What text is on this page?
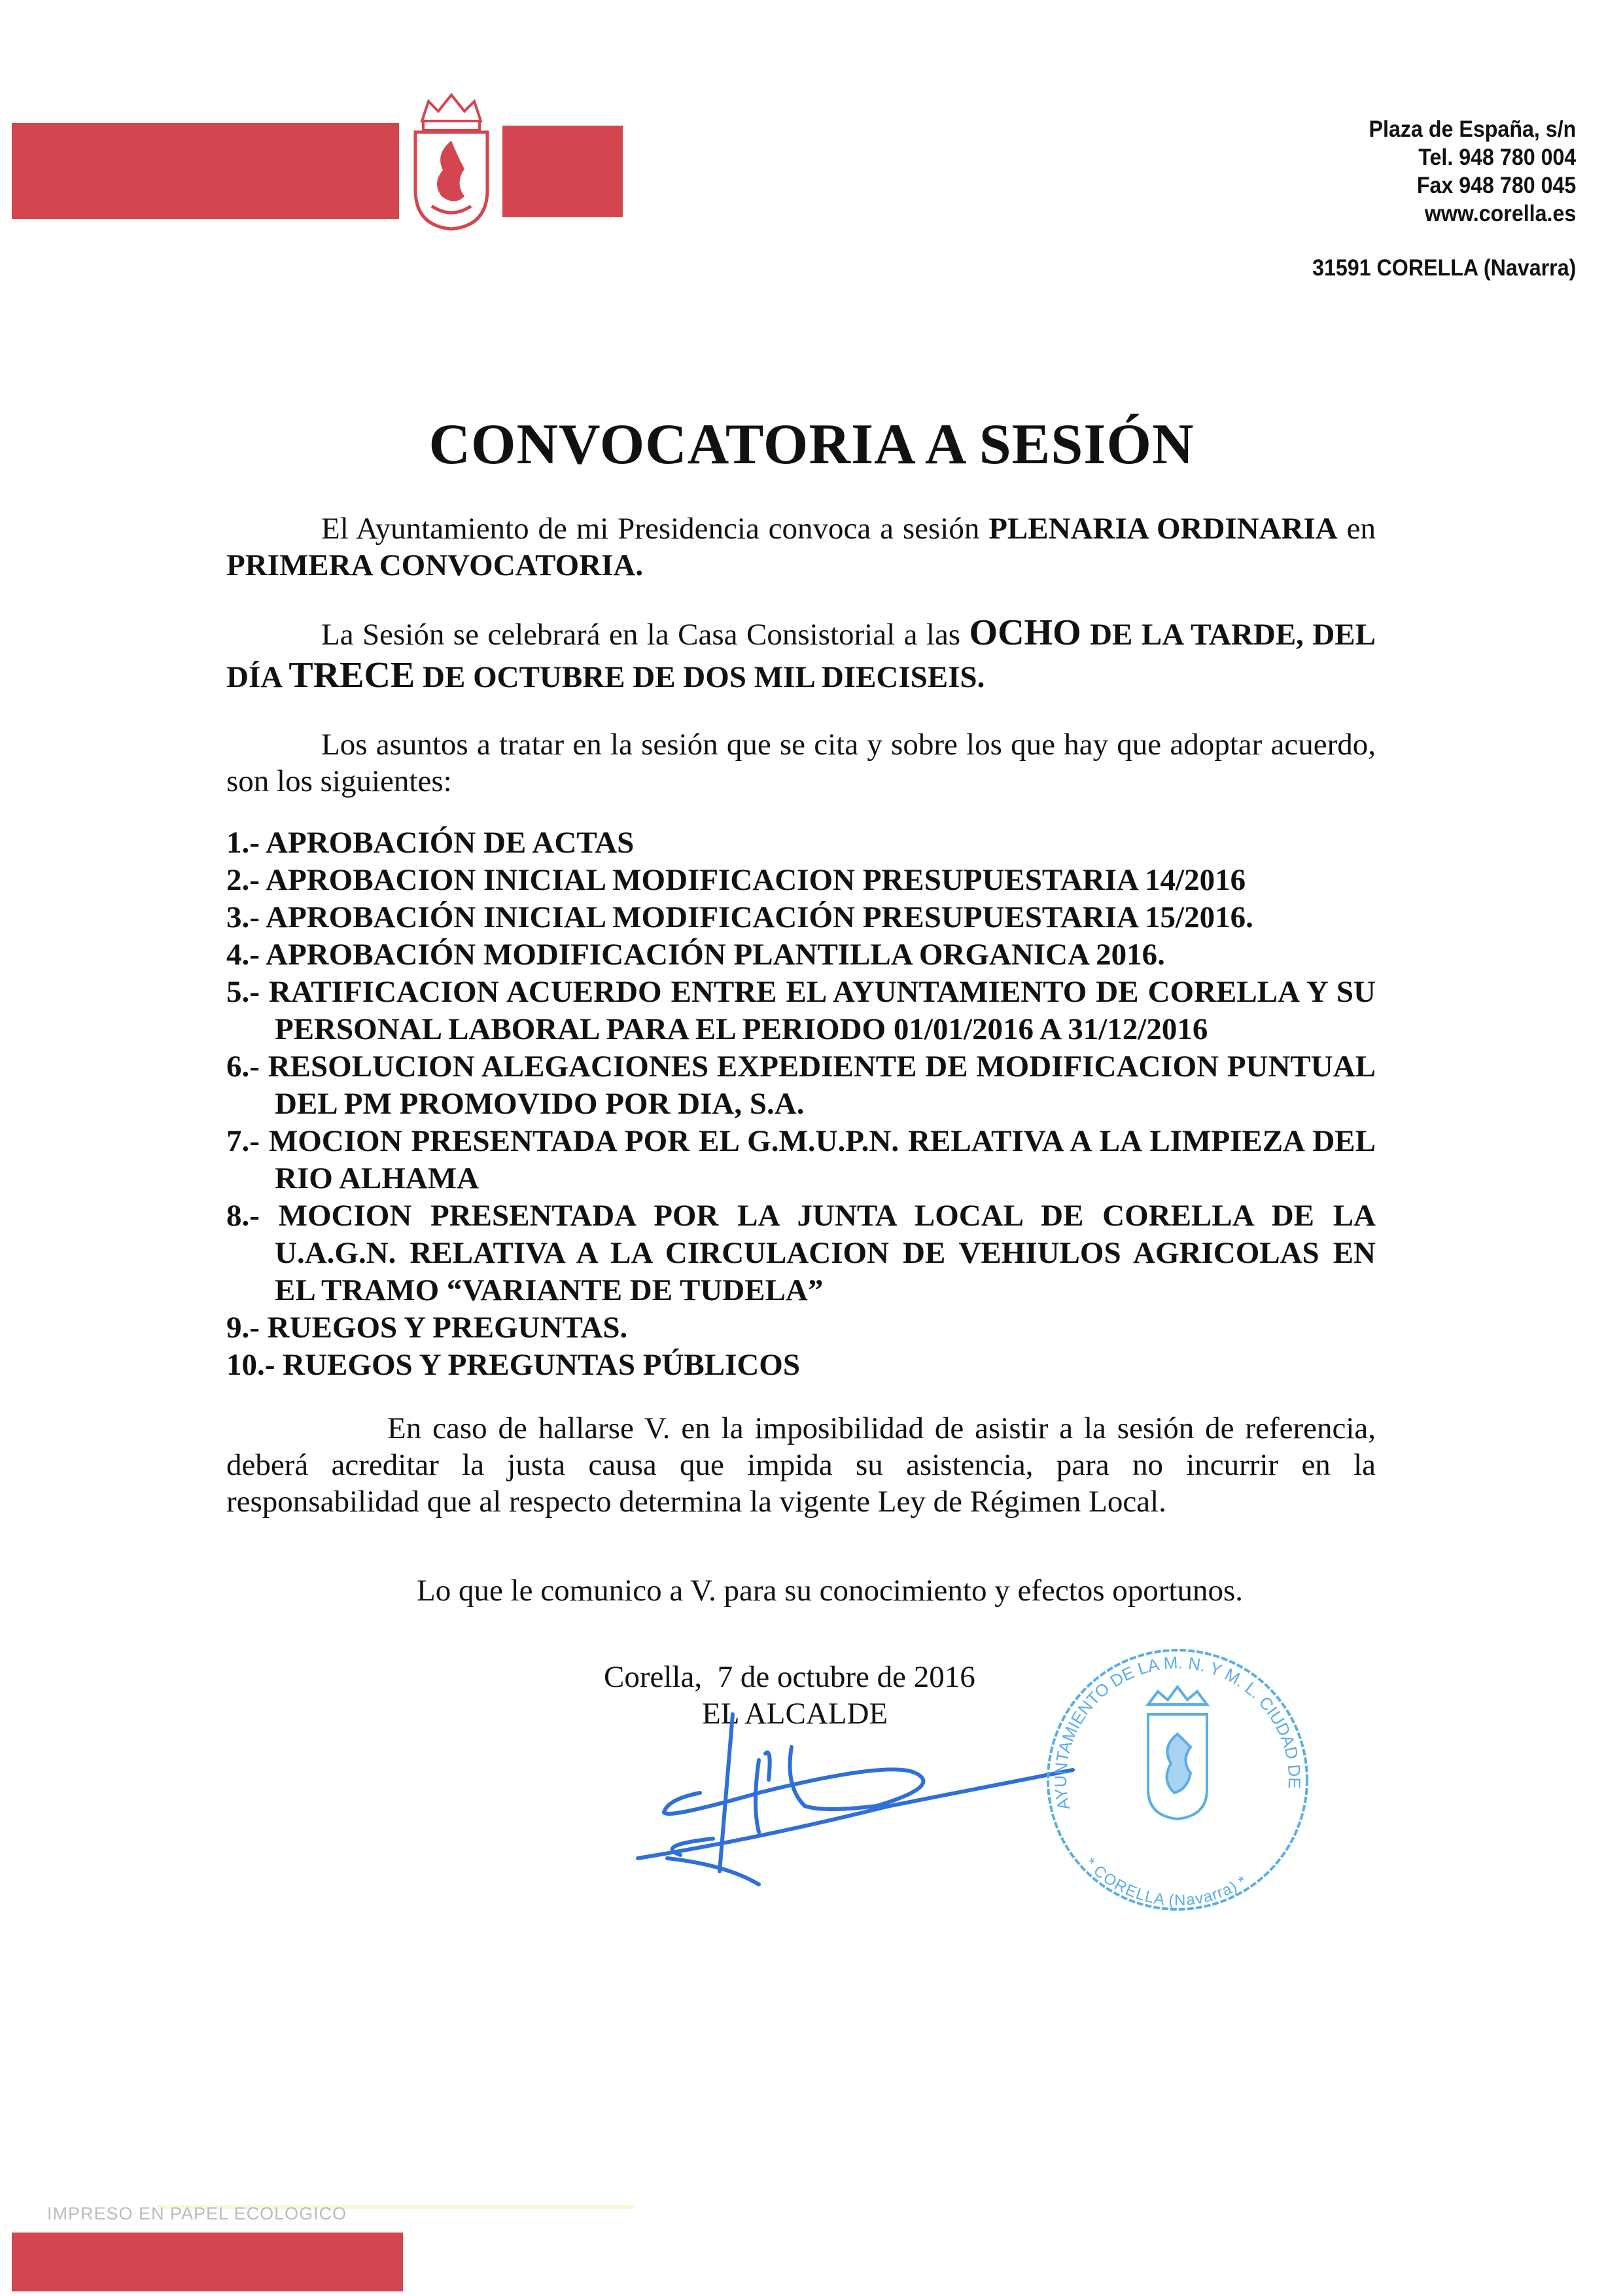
AYUNTAMIENTO

DE    CORELLA

Plaza de España, s/n
Tel. 948 780 004
Fax 948 780 045
www.corella.es
31591 CORELLA (Navarra)
CONVOCATORIA A SESIÓN

El Ayuntamiento de mi Presidencia convoca a sesión PLENARIA ORDINARIA en PRIMERA CONVOCATORIA.

La Sesión se celebrará en la Casa Consistorial a las OCHO DE LA TARDE, DEL DÍA TRECE DE OCTUBRE DE DOS MIL DIECISEIS.

Los asuntos a tratar en la sesión que se cita y sobre los que hay que adoptar acuerdo, son los siguientes:

1.- APROBACIÓN DE ACTAS
2.- APROBACION INICIAL MODIFICACION PRESUPUESTARIA 14/2016
3.- APROBACIÓN INICIAL MODIFICACIÓN PRESUPUESTARIA 15/2016.
4.- APROBACIÓN MODIFICACIÓN PLANTILLA ORGANICA 2016.
5.- RATIFICACION ACUERDO ENTRE EL AYUNTAMIENTO DE CORELLA Y SU PERSONAL LABORAL PARA EL PERIODO 01/01/2016 A 31/12/2016
6.- RESOLUCION ALEGACIONES EXPEDIENTE DE MODIFICACION PUNTUAL DEL PM PROMOVIDO POR DIA, S.A.
7.- MOCION PRESENTADA POR EL G.M.U.P.N. RELATIVA A LA LIMPIEZA DEL RIO ALHAMA
8.- MOCION PRESENTADA POR LA JUNTA LOCAL DE CORELLA DE LA U.A.G.N. RELATIVA A LA CIRCULACION DE VEHIULOS AGRICOLAS EN EL TRAMO “VARIANTE DE TUDELA”
9.- RUEGOS Y PREGUNTAS.
10.- RUEGOS Y PREGUNTAS PÚBLICOS

En caso de hallarse V. en la imposibilidad de asistir a la sesión de referencia, deberá acreditar la justa causa que impida su asistencia, para no incurrir en la responsabilidad que al respecto determina la vigente Ley de Régimen Local.

Lo que le comunico a V. para su conocimiento y efectos oportunos.
Corella,  7 de octubre de 2016
EL ALCALDE
AYUNTAMIENTO DE LA M. N. Y M. L. CIUDAD DE
* CORELLA (Navarra) *
IMPRESO EN PAPEL ECOLOGICO
